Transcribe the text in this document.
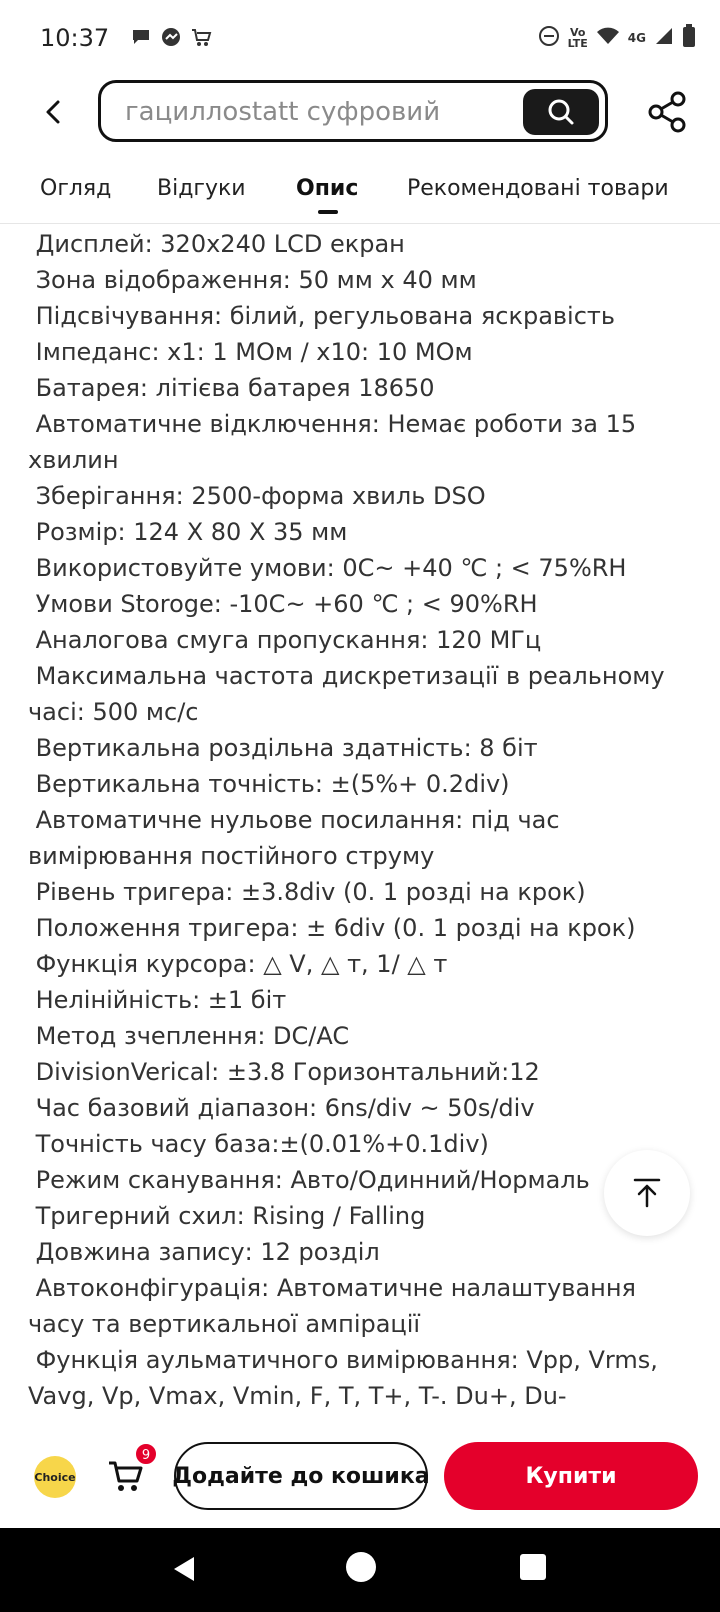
10:37	Vo
LTE	4G
гациллоstatt суфровий
Огляд Відгуки Опис Рекомендовані товари
Дисплей: 320x240 LCD екран
Зона відображення: 50 мм х 40 мм
Підсвічування: білий, регульована яскравість
Імпеданс: x1: 1 МОм / x10: 10 МОм
Батарея: літієва батарея 18650
Автоматичне відключення: Немає роботи за 15
хвилин
Зберігання: 2500-форма хвиль DSO
Розмір: 124 X 80 X 35 мм
Використовуйте умови: 0C~ +40 ℃ ; < 75%RH
Умови Storoge: -10C~ +60 ℃ ; < 90%RH
Аналогова смуга пропускання: 120 МГц
Максимальна частота дискретизації в реальному
часі: 500 мс/с
Вертикальна роздільна здатність: 8 біт
Вертикальна точність: ±(5%+ 0.2div)
Автоматичне нульове посилання: під час
вимірювання постійного струму
Рівень тригера: ±3.8div (0. 1 розді на крок)
Положення тригера: ± 6div (0. 1 розді на крок)
Функція курсора: △ V, △ т, 1/ △ т
Нелінійність: ±1 біт
Метод зчеплення: DC/AC
DivisionVerical: ±3.8 Горизонтальний:12
Час базовий діапазон: 6ns/div ~ 50s/div
Точність часу база:±(0.01%+0.1div)
Режим сканування: Авто/Одинний/Нормаль
Тригерний схил: Rising / Falling
Довжина запису: 12 розділ
Автоконфігурація: Автоматичне налаштування
часу та вертикальної ампірації
Функція аульматичного вимірювання: Vpp, Vrms,
Vavg, Vp, Vmax, Vmin, F, T, T+, T-. Du+, Du-
Choice
9
Додайте до кошика	Купити
